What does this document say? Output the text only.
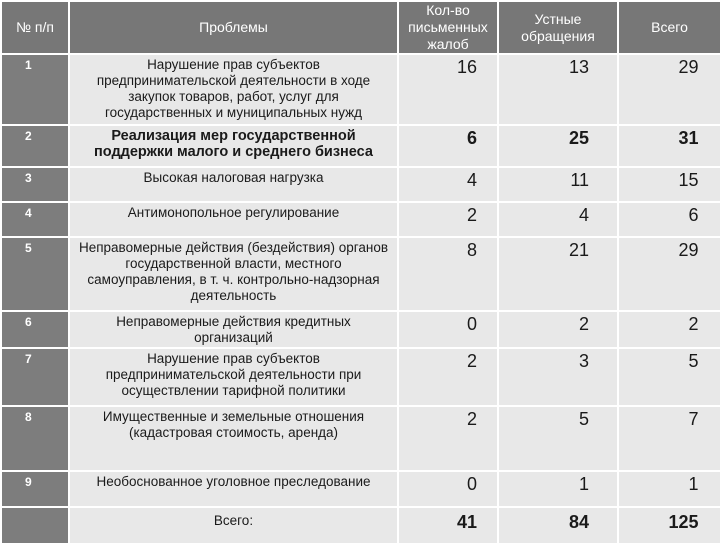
№ п/п	Проблемы	Кол-во письменных жалоб	Устные обращения	Всего
1	Нарушение прав субъектов предпринимательской деятельности в ходе закупок товаров, работ, услуг для государственных и муниципальных нужд	16	13	29
2	Реализация мер государственной поддержки малого и среднего бизнеса	6	25	31
3	Высокая налоговая нагрузка	4	11	15
4	Антимонопольное регулирование	2	4	6
5	Неправомерные действия (бездействия) органов государственной власти, местного самоуправления, в т. ч. контрольно-надзорная деятельность	8	21	29
6	Неправомерные действия кредитных организаций	0	2	2
7	Нарушение прав субъектов предпринимательской деятельности при осуществлении тарифной политики	2	3	5
8	Имущественные и земельные отношения (кадастровая стоимость, аренда)	2	5	7
9	Необоснованное уголовное преследование	0	1	1
	Всего:	41	84	125
